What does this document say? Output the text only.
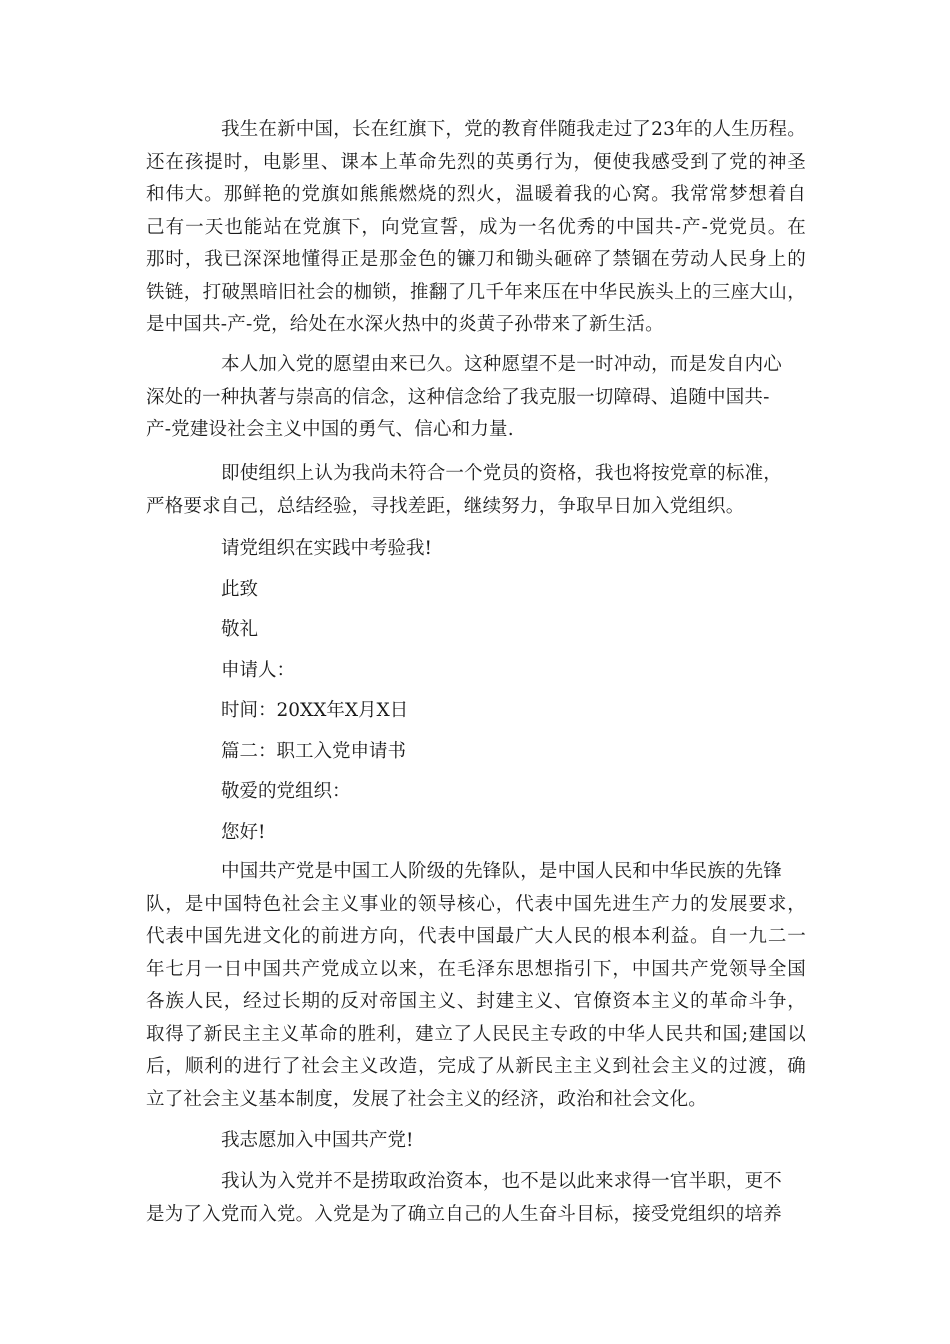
我生在新中国，长在红旗下，党的教育伴随我走过了23年的人生历程。
还在孩提时，电影里、课本上革命先烈的英勇行为，便使我感受到了党的神圣
和伟大。那鲜艳的党旗如熊熊燃烧的烈火，温暖着我的心窝。我常常梦想着自
己有一天也能站在党旗下，向党宣誓，成为一名优秀的中国共-产-党党员。在
那时，我已深深地懂得正是那金色的镰刀和锄头砸碎了禁锢在劳动人民身上的
铁链，打破黑暗旧社会的枷锁，推翻了几千年来压在中华民族头上的三座大山，
是中国共-产-党，给处在水深火热中的炎黄子孙带来了新生活。
本人加入党的愿望由来已久。这种愿望不是一时冲动，而是发自内心
深处的一种执著与崇高的信念，这种信念给了我克服一切障碍、追随中国共-
产-党建设社会主义中国的勇气、信心和力量.
即使组织上认为我尚未符合一个党员的资格，我也将按党章的标准，
严格要求自己，总结经验，寻找差距，继续努力，争取早日加入党组织。

请党组织在实践中考验我!

此致

敬礼

申请人：

时间：20XX年X月X日

篇二：职工入党申请书

敬爱的党组织：

您好!

中国共产党是中国工人阶级的先锋队，是中国人民和中华民族的先锋
队，是中国特色社会主义事业的领导核心，代表中国先进生产力的发展要求，
代表中国先进文化的前进方向，代表中国最广大人民的根本利益。自一九二一
年七月一日中国共产党成立以来，在毛泽东思想指引下，中国共产党领导全国
各族人民，经过长期的反对帝国主义、封建主义、官僚资本主义的革命斗争，
取得了新民主主义革命的胜利，建立了人民民主专政的中华人民共和国;建国以
后，顺利的进行了社会主义改造，完成了从新民主主义到社会主义的过渡，确
立了社会主义基本制度，发展了社会主义的经济，政治和社会文化。

我志愿加入中国共产党!

我认为入党并不是捞取政治资本，也不是以此来求得一官半职，更不
是为了入党而入党。入党是为了确立自己的人生奋斗目标，接受党组织的培养
